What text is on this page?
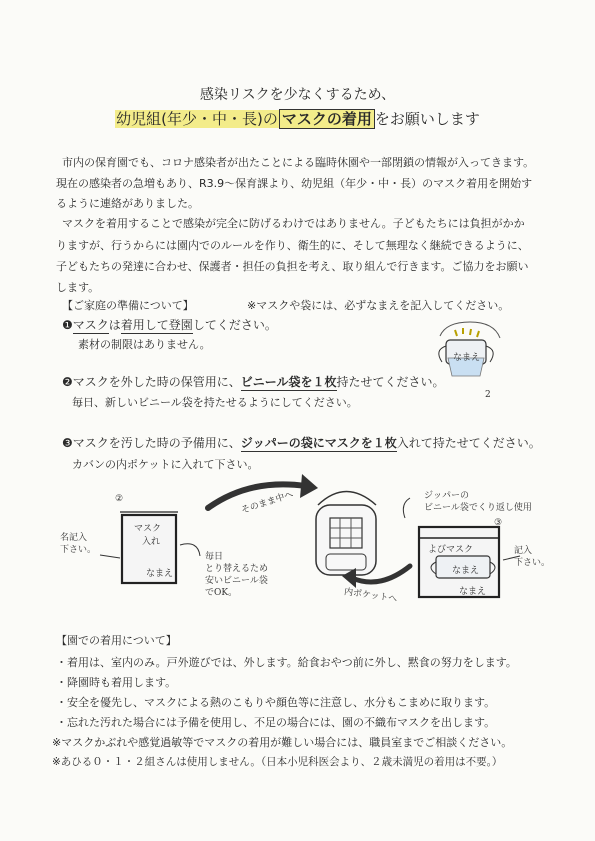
感染リスクを少なくするため、
幼児組(年少・中・長)の マスクの着用 をお願いします
市内の保育園でも、コロナ感染者が出たことによる臨時休園や一部閉鎖の情報が入ってきます。
現在の感染者の急増もあり、R3.9〜保育課より、幼児組（年少・中・長）のマスク着用を開始す
るように連絡がありました。
マスクを着用することで感染が完全に防げるわけではありません。子どもたちには負担がかか
りますが、行うからには園内でのルールを作り、衛生的に、そして無理なく継続できるように、
子どもたちの発達に合わせ、保護者・担任の負担を考え、取り組んで行きます。ご協力をお願い
します。
【ご家庭の準備について】	※マスクや袋には、必ずなまえを記入してください。
❶マスクは着用して登園してください。
素材の制限はありません。
❷マスクを外した時の保管用に、ビニール袋を１枚持たせてください。
毎日、新しいビニール袋を持たせるようにしてください。
❸マスクを汚した時の予備用に、ジッパーの袋にマスクを１枚入れて持たせてください。
カバンの内ポケットに入れて下さい。
なまえ
2
②
③
名記入
下さい。
マスク
入れ
なまえ
そのまま中へ
毎日
とり替えるため
安いビニール袋
でOK。	内ポケットへ
ジッパーの
ビニール袋でくり返し使用
よびマスク
なまえ
なまえ
記入
下さい。
【園での着用について】
・着用は、室内のみ。戸外遊びでは、外します。給食おやつ前に外し、黙食の努力をします。
・降園時も着用します。
・安全を優先し、マスクによる熱のこもりや顔色等に注意し、水分もこまめに取ります。
・忘れた汚れた場合には予備を使用し、不足の場合には、園の不織布マスクを出します。
※マスクかぶれや感覚過敏等でマスクの着用が難しい場合には、職員室までご相談ください。
※あひる０・１・２組さんは使用しません。（日本小児科医会より、２歳未満児の着用は不要。）
